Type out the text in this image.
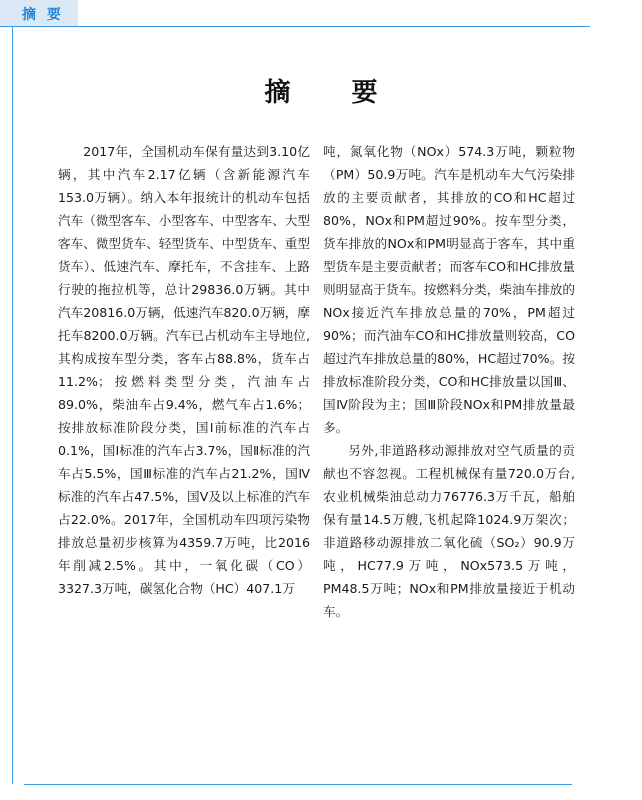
摘 要
摘 要

2017年，全国机动车保有量达到3.10亿辆，其中汽车2.17亿辆（含新能源汽车153.0万辆）。纳入本年报统计的机动车包括汽车（微型客车、小型客车、中型客车、大型客车、微型货车、轻型货车、中型货车、重型货车）、低速汽车、摩托车，不含挂车、上路行驶的拖拉机等，总计29836.0万辆。其中汽车20816.0万辆，低速汽车820.0万辆，摩托车8200.0万辆。汽车已占机动车主导地位,其构成按车型分类，客车占88.8%，货车占11.2%；按燃料类型分类，汽油车占89.0%，柴油车占9.4%，燃气车占1.6%；按排放标准阶段分类，国Ⅰ前标准的汽车占0.1%，国Ⅰ标准的汽车占3.7%，国Ⅱ标准的汽车占5.5%，国Ⅲ标准的汽车占21.2%，国Ⅳ标准的汽车占47.5%，国Ⅴ及以上标准的汽车占22.0%。2017年，全国机动车四项污染物排放总量初步核算为4359.7万吨，比2016年削减2.5%。其中，一氧化碳（CO）3327.3万吨，碳氢化合物（HC）407.1万

吨，氮氧化物（NOx）574.3万吨，颗粒物（PM）50.9万吨。汽车是机动车大气污染排放的主要贡献者，其排放的CO和HC超过80%，NOx和PM超过90%。按车型分类，货车排放的NOx和PM明显高于客车，其中重型货车是主要贡献者；而客车CO和HC排放量则明显高于货车。按燃料分类，柴油车排放的NOx接近汽车排放总量的70%，PM超过90%；而汽油车CO和HC排放量则较高，CO超过汽车排放总量的80%，HC超过70%。按排放标准阶段分类，CO和HC排放量以国Ⅲ、国Ⅳ阶段为主；国Ⅲ阶段NOx和PM排放量最多。

另外,非道路移动源排放对空气质量的贡献也不容忽视。工程机械保有量720.0万台,农业机械柴油总动力76776.3万千瓦，船舶保有量14.5万艘,飞机起降1024.9万架次；非道路移动源排放二氧化硫（SO₂）90.9万吨，HC77.9万吨，NOx573.5万吨，PM48.5万吨；NOx和PM排放量接近于机动车。
